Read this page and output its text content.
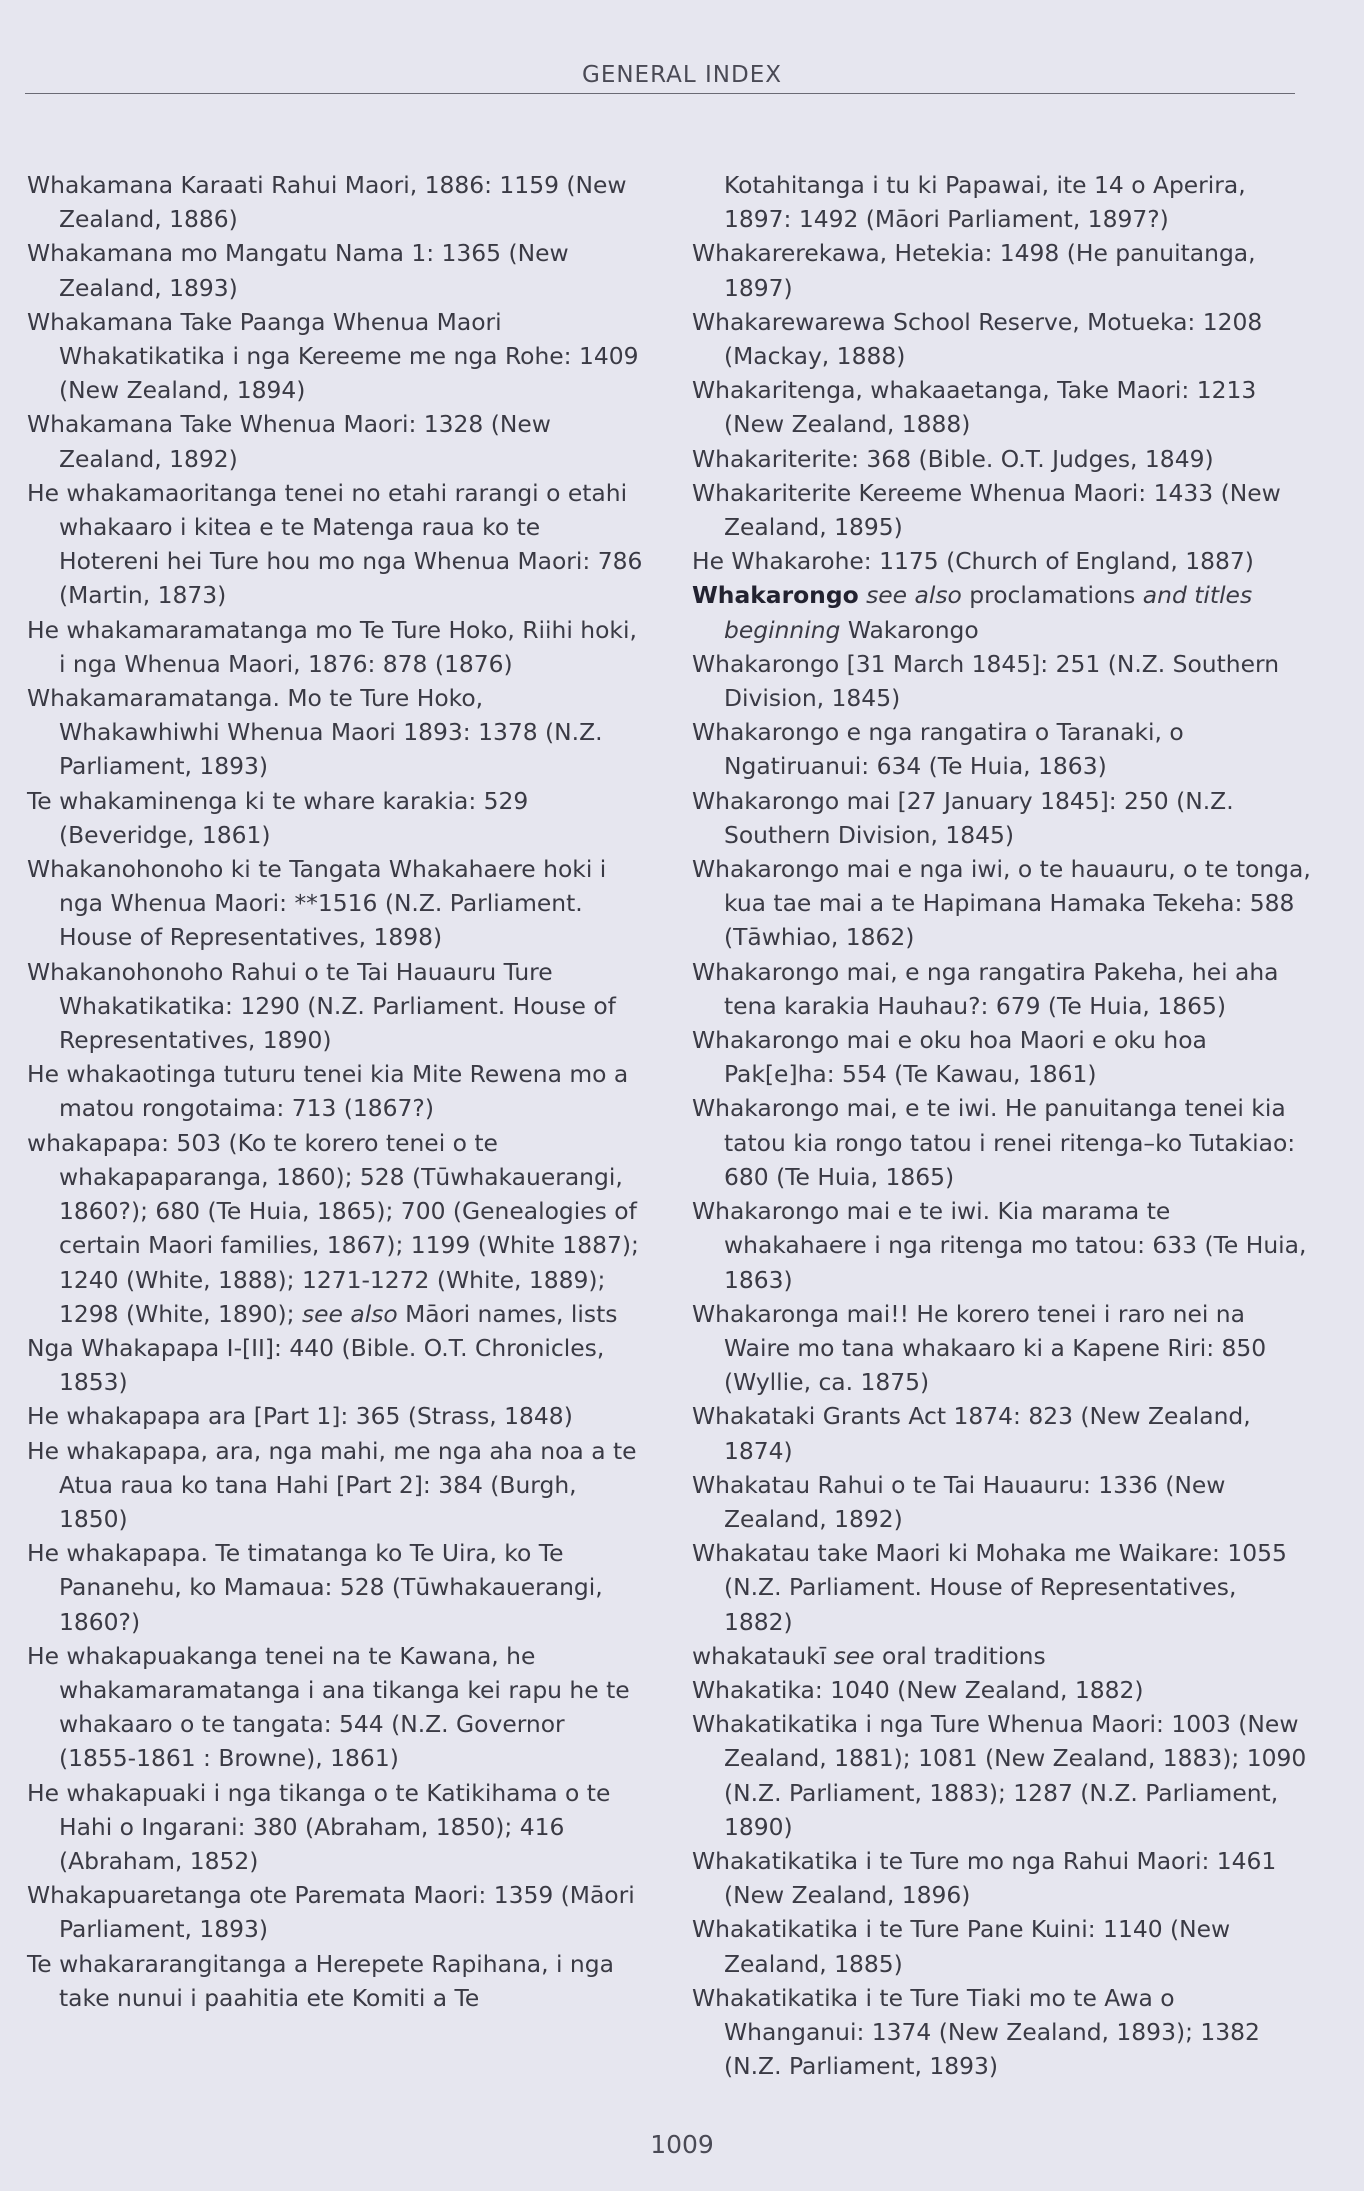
GENERAL INDEX

Whakamana Karaati Rahui Maori, 1886: 1159 (New Zealand, 1886)

Whakamana mo Mangatu Nama 1: 1365 (New Zealand, 1893)

Whakamana Take Paanga Whenua Maori Whakatikatika i nga Kereeme me nga Rohe: 1409 (New Zealand, 1894)

Whakamana Take Whenua Maori: 1328 (New Zealand, 1892)

He whakamaoritanga tenei no etahi rarangi o etahi whakaaro i kitea e te Matenga raua ko te Hotereni hei Ture hou mo nga Whenua Maori: 786 (Martin, 1873)

He whakamaramatanga mo Te Ture Hoko, Riihi hoki, i nga Whenua Maori, 1876: 878 (1876)

Whakamaramatanga. Mo te Ture Hoko, Whakawhiwhi Whenua Maori 1893: 1378 (N.Z. Parliament, 1893)

Te whakaminenga ki te whare karakia: 529 (Beveridge, 1861)

Whakanohonoho ki te Tangata Whakahaere hoki i nga Whenua Maori: **1516 (N.Z. Parliament. House of Representatives, 1898)

Whakanohonoho Rahui o te Tai Hauauru Ture Whakatikatika: 1290 (N.Z. Parliament. House of Representatives, 1890)

He whakaotinga tuturu tenei kia Mite Rewena mo a matou rongotaima: 713 (1867?)

whakapapa: 503 (Ko te korero tenei o te whakapaparanga, 1860); 528 (Tūwhakauerangi, 1860?); 680 (Te Huia, 1865); 700 (Genealogies of certain Maori families, 1867); 1199 (White 1887); 1240 (White, 1888); 1271-1272 (White, 1889); 1298 (White, 1890); see also Māori names, lists

Nga Whakapapa I-[II]: 440 (Bible. O.T. Chronicles, 1853)

He whakapapa ara [Part 1]: 365 (Strass, 1848)

He whakapapa, ara, nga mahi, me nga aha noa a te Atua raua ko tana Hahi [Part 2]: 384 (Burgh, 1850)

He whakapapa. Te timatanga ko Te Uira, ko Te Pananehu, ko Mamaua: 528 (Tūwhakauerangi, 1860?)

He whakapuakanga tenei na te Kawana, he whakamaramatanga i ana tikanga kei rapu he te whakaaro o te tangata: 544 (N.Z. Governor (1855-1861 : Browne), 1861)

He whakapuaki i nga tikanga o te Katikihama o te Hahi o Ingarani: 380 (Abraham, 1850); 416 (Abraham, 1852)

Whakapuaretanga ote Paremata Maori: 1359 (Māori Parliament, 1893)

Te whakararangitanga a Herepete Rapihana, i nga take nunui i paahitia ete Komiti a Te

Kotahitanga i tu ki Papawai, ite 14 o Aperira, 1897: 1492 (Māori Parliament, 1897?)

Whakarerekawa, Hetekia: 1498 (He panuitanga, 1897)

Whakarewarewa School Reserve, Motueka: 1208 (Mackay, 1888)

Whakaritenga, whakaaetanga, Take Maori: 1213 (New Zealand, 1888)

Whakariterite: 368 (Bible. O.T. Judges, 1849)

Whakariterite Kereeme Whenua Maori: 1433 (New Zealand, 1895)

He Whakarohe: 1175 (Church of England, 1887)

Whakarongo see also proclamations and titles beginning Wakarongo

Whakarongo [31 March 1845]: 251 (N.Z. Southern Division, 1845)

Whakarongo e nga rangatira o Taranaki, o Ngatiruanui: 634 (Te Huia, 1863)

Whakarongo mai [27 January 1845]: 250 (N.Z. Southern Division, 1845)

Whakarongo mai e nga iwi, o te hauauru, o te tonga, kua tae mai a te Hapimana Hamaka Tekeha: 588 (Tāwhiao, 1862)

Whakarongo mai, e nga rangatira Pakeha, hei aha tena karakia Hauhau?: 679 (Te Huia, 1865)

Whakarongo mai e oku hoa Maori e oku hoa Pak[e]ha: 554 (Te Kawau, 1861)

Whakarongo mai, e te iwi. He panuitanga tenei kia tatou kia rongo tatou i renei ritenga–ko Tutakiao: 680 (Te Huia, 1865)

Whakarongo mai e te iwi. Kia marama te whakahaere i nga ritenga mo tatou: 633 (Te Huia, 1863)

Whakaronga mai!! He korero tenei i raro nei na Waire mo tana whakaaro ki a Kapene Riri: 850 (Wyllie, ca. 1875)

Whakataki Grants Act 1874: 823 (New Zealand, 1874)

Whakatau Rahui o te Tai Hauauru: 1336 (New Zealand, 1892)

Whakatau take Maori ki Mohaka me Waikare: 1055 (N.Z. Parliament. House of Representatives, 1882)

whakataukī see oral traditions

Whakatika: 1040 (New Zealand, 1882)

Whakatikatika i nga Ture Whenua Maori: 1003 (New Zealand, 1881); 1081 (New Zealand, 1883); 1090 (N.Z. Parliament, 1883); 1287 (N.Z. Parliament, 1890)

Whakatikatika i te Ture mo nga Rahui Maori: 1461 (New Zealand, 1896)

Whakatikatika i te Ture Pane Kuini: 1140 (New Zealand, 1885)

Whakatikatika i te Ture Tiaki mo te Awa o Whanganui: 1374 (New Zealand, 1893); 1382 (N.Z. Parliament, 1893)

1009
